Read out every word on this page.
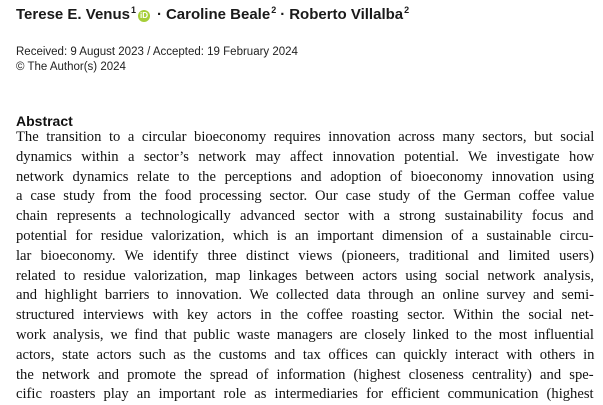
Terese E. Venus$^1$iD · Caroline Beale$^2$ · Roberto Villalba$^2$
Received: 9 August 2023 / Accepted: 19 February 2024
© The Author(s) 2024
Abstract
The transition to a circular bioeconomy requires innovation across many sectors, but social
dynamics within a sector’s network may affect innovation potential. We investigate how
network dynamics relate to the perceptions and adoption of bioeconomy innovation using
a case study from the food processing sector. Our case study of the German coffee value
chain represents a technologically advanced sector with a strong sustainability focus and
potential for residue valorization, which is an important dimension of a sustainable circu-
lar bioeconomy. We identify three distinct views (pioneers, traditional and limited users)
related to residue valorization, map linkages between actors using social network analysis,
and highlight barriers to innovation. We collected data through an online survey and semi-
structured interviews with key actors in the coffee roasting sector. Within the social net-
work analysis, we find that public waste managers are closely linked to the most influential
actors, state actors such as the customs and tax offices can quickly interact with others in
the network and promote the spread of information (highest closeness centrality) and spe-
cific roasters play an important role as intermediaries for efficient communication (highest
